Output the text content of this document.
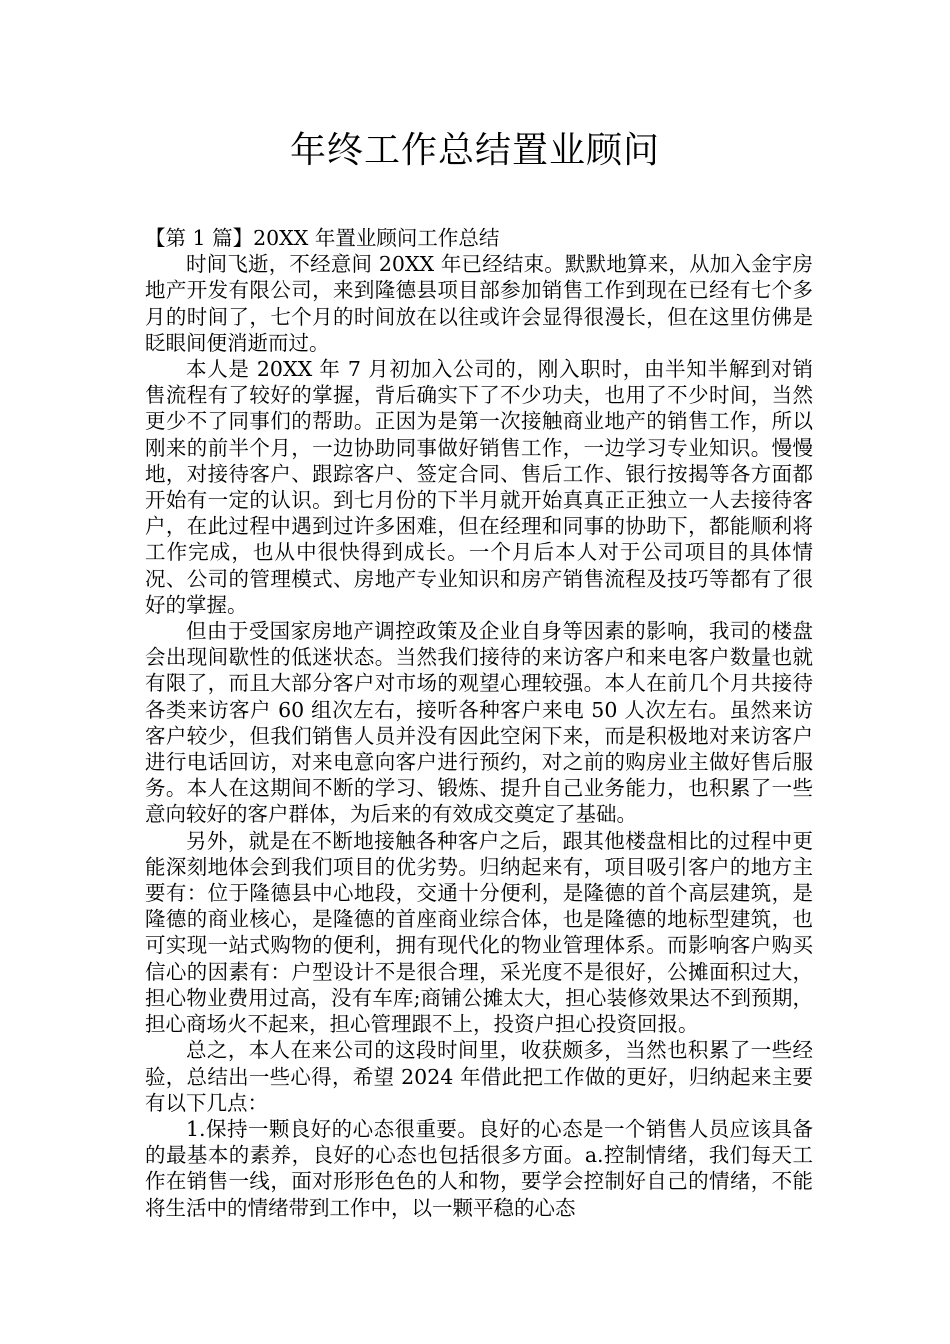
年终工作总结置业顾问

【第 1 篇】20XX 年置业顾问工作总结

时间飞逝，不经意间 20XX 年已经结束。默默地算来，从加入金宇房地产开发有限公司，来到隆德县项目部参加销售工作到现在已经有七个多月的时间了，七个月的时间放在以往或许会显得很漫长，但在这里仿佛是眨眼间便消逝而过。

本人是 20XX 年 7 月初加入公司的，刚入职时，由半知半解到对销售流程有了较好的掌握，背后确实下了不少功夫，也用了不少时间，当然更少不了同事们的帮助。正因为是第一次接触商业地产的销售工作，所以刚来的前半个月，一边协助同事做好销售工作，一边学习专业知识。慢慢地，对接待客户、跟踪客户、签定合同、售后工作、银行按揭等各方面都开始有一定的认识。到七月份的下半月就开始真真正正独立一人去接待客户，在此过程中遇到过许多困难，但在经理和同事的协助下，都能顺利将工作完成，也从中很快得到成长。一个月后本人对于公司项目的具体情况、公司的管理模式、房地产专业知识和房产销售流程及技巧等都有了很好的掌握。

但由于受国家房地产调控政策及企业自身等因素的影响，我司的楼盘会出现间歇性的低迷状态。当然我们接待的来访客户和来电客户数量也就有限了，而且大部分客户对市场的观望心理较强。本人在前几个月共接待各类来访客户 60 组次左右，接听各种客户来电 50 人次左右。虽然来访客户较少，但我们销售人员并没有因此空闲下来，而是积极地对来访客户进行电话回访，对来电意向客户进行预约，对之前的购房业主做好售后服务。本人在这期间不断的学习、锻炼、提升自己业务能力，也积累了一些意向较好的客户群体，为后来的有效成交奠定了基础。

另外，就是在不断地接触各种客户之后，跟其他楼盘相比的过程中更能深刻地体会到我们项目的优劣势。归纳起来有，项目吸引客户的地方主要有：位于隆德县中心地段，交通十分便利，是隆德的首个高层建筑，是隆德的商业核心，是隆德的首座商业综合体，也是隆德的地标型建筑，也可实现一站式购物的便利，拥有现代化的物业管理体系。而影响客户购买信心的因素有：户型设计不是很合理，采光度不是很好，公摊面积过大，担心物业费用过高，没有车库;商铺公摊太大，担心装修效果达不到预期，担心商场火不起来，担心管理跟不上，投资户担心投资回报。

总之，本人在来公司的这段时间里，收获颇多，当然也积累了一些经验，总结出一些心得，希望 2024 年借此把工作做的更好，归纳起来主要有以下几点：

1.保持一颗良好的心态很重要。良好的心态是一个销售人员应该具备的最基本的素养，良好的心态也包括很多方面。a.控制情绪，我们每天工作在销售一线，面对形形色色的人和物，要学会控制好自己的情绪，不能将生活中的情绪带到工作中，以一颗平稳的心态
